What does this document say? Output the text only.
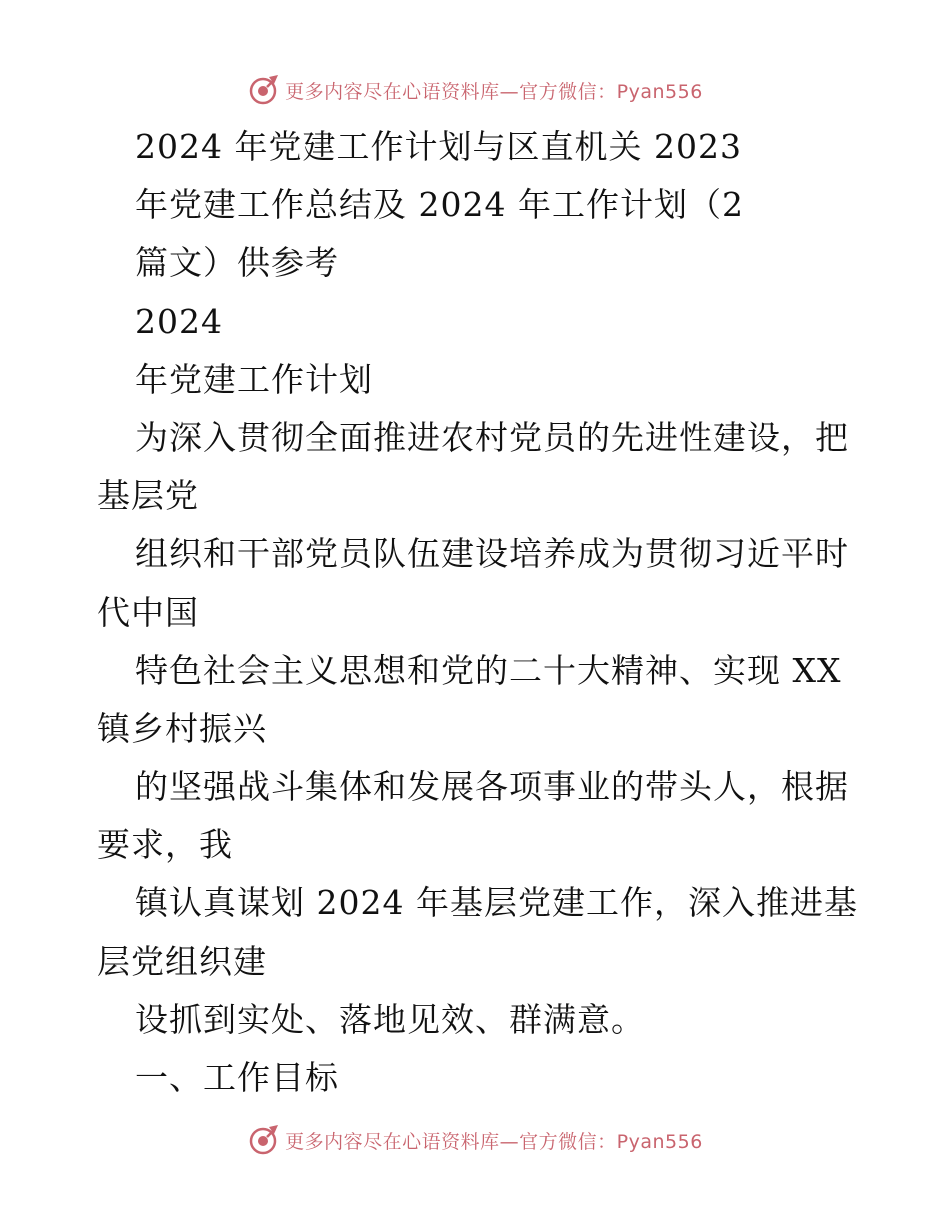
更多内容尽在心语资料库—官方微信：Pyan556
2024 年党建工作计划与区直机关 2023
年党建工作总结及 2024 年工作计划（2
篇文）供参考
2024
年党建工作计划
为深入贯彻全面推进农村党员的先进性建设，把
基层党
组织和干部党员队伍建设培养成为贯彻习近平时
代中国
特色社会主义思想和党的二十大精神、实现 XX
镇乡村振兴
的坚强战斗集体和发展各项事业的带头人，根据
要求，我
镇认真谋划 2024 年基层党建工作，深入推进基
层党组织建
设抓到实处、落地见效、群满意。
一、工作目标
更多内容尽在心语资料库—官方微信：Pyan556
